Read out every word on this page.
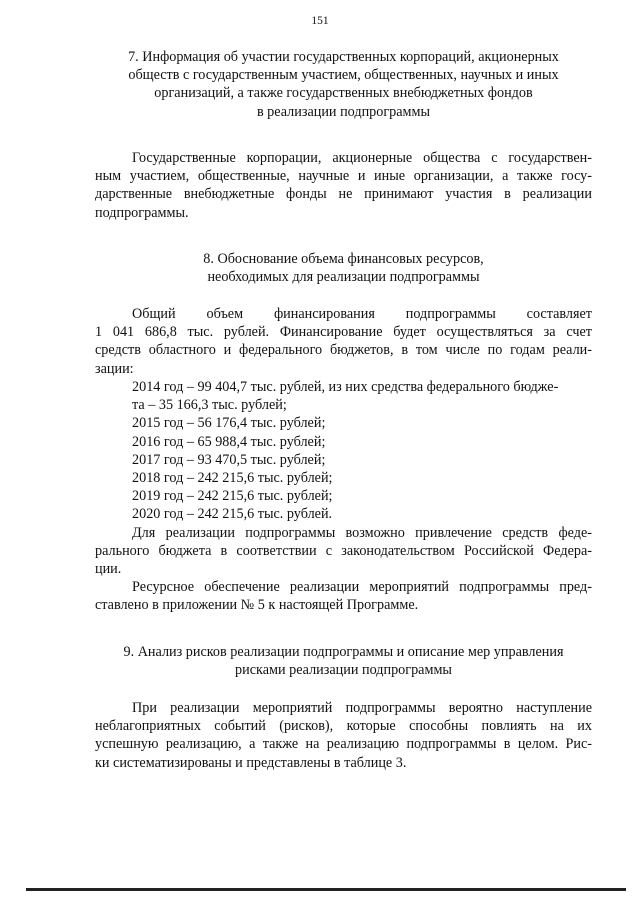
151
7. Информация об участии государственных корпораций, акционерных
обществ с государственным участием, общественных, научных и иных
организаций, а также государственных внебюджетных фондов
в реализации подпрограммы
Государственные корпорации, акционерные общества с государствен-
ным участием, общественные, научные и иные организации, а также госу-
дарственные внебюджетные фонды не принимают участия в реализации
подпрограммы.
8. Обоснование объема финансовых ресурсов,
необходимых для реализации подпрограммы
Общий объем финансирования подпрограммы составляет
1 041 686,8 тыс. рублей. Финансирование будет осуществляться за счет
средств областного и федерального бюджетов, в том числе по годам реали-
зации:
2014 год – 99 404,7 тыс. рублей, из них средства федерального бюдже-
та – 35 166,3 тыс. рублей;
2015 год – 56 176,4 тыс. рублей;
2016 год – 65 988,4 тыс. рублей;
2017 год – 93 470,5 тыс. рублей;
2018 год – 242 215,6 тыс. рублей;
2019 год – 242 215,6 тыс. рублей;
2020 год – 242 215,6 тыс. рублей.
Для реализации подпрограммы возможно привлечение средств феде-
рального бюджета в соответствии с законодательством Российской Федера-
ции.
Ресурсное обеспечение реализации мероприятий подпрограммы пред-
ставлено в приложении № 5 к настоящей Программе.
9. Анализ рисков реализации подпрограммы и описание мер управления
рисками реализации подпрограммы
При реализации мероприятий подпрограммы вероятно наступление
неблагоприятных событий (рисков), которые способны повлиять на их
успешную реализацию, а также на реализацию подпрограммы в целом. Рис-
ки систематизированы и представлены в таблице 3.
